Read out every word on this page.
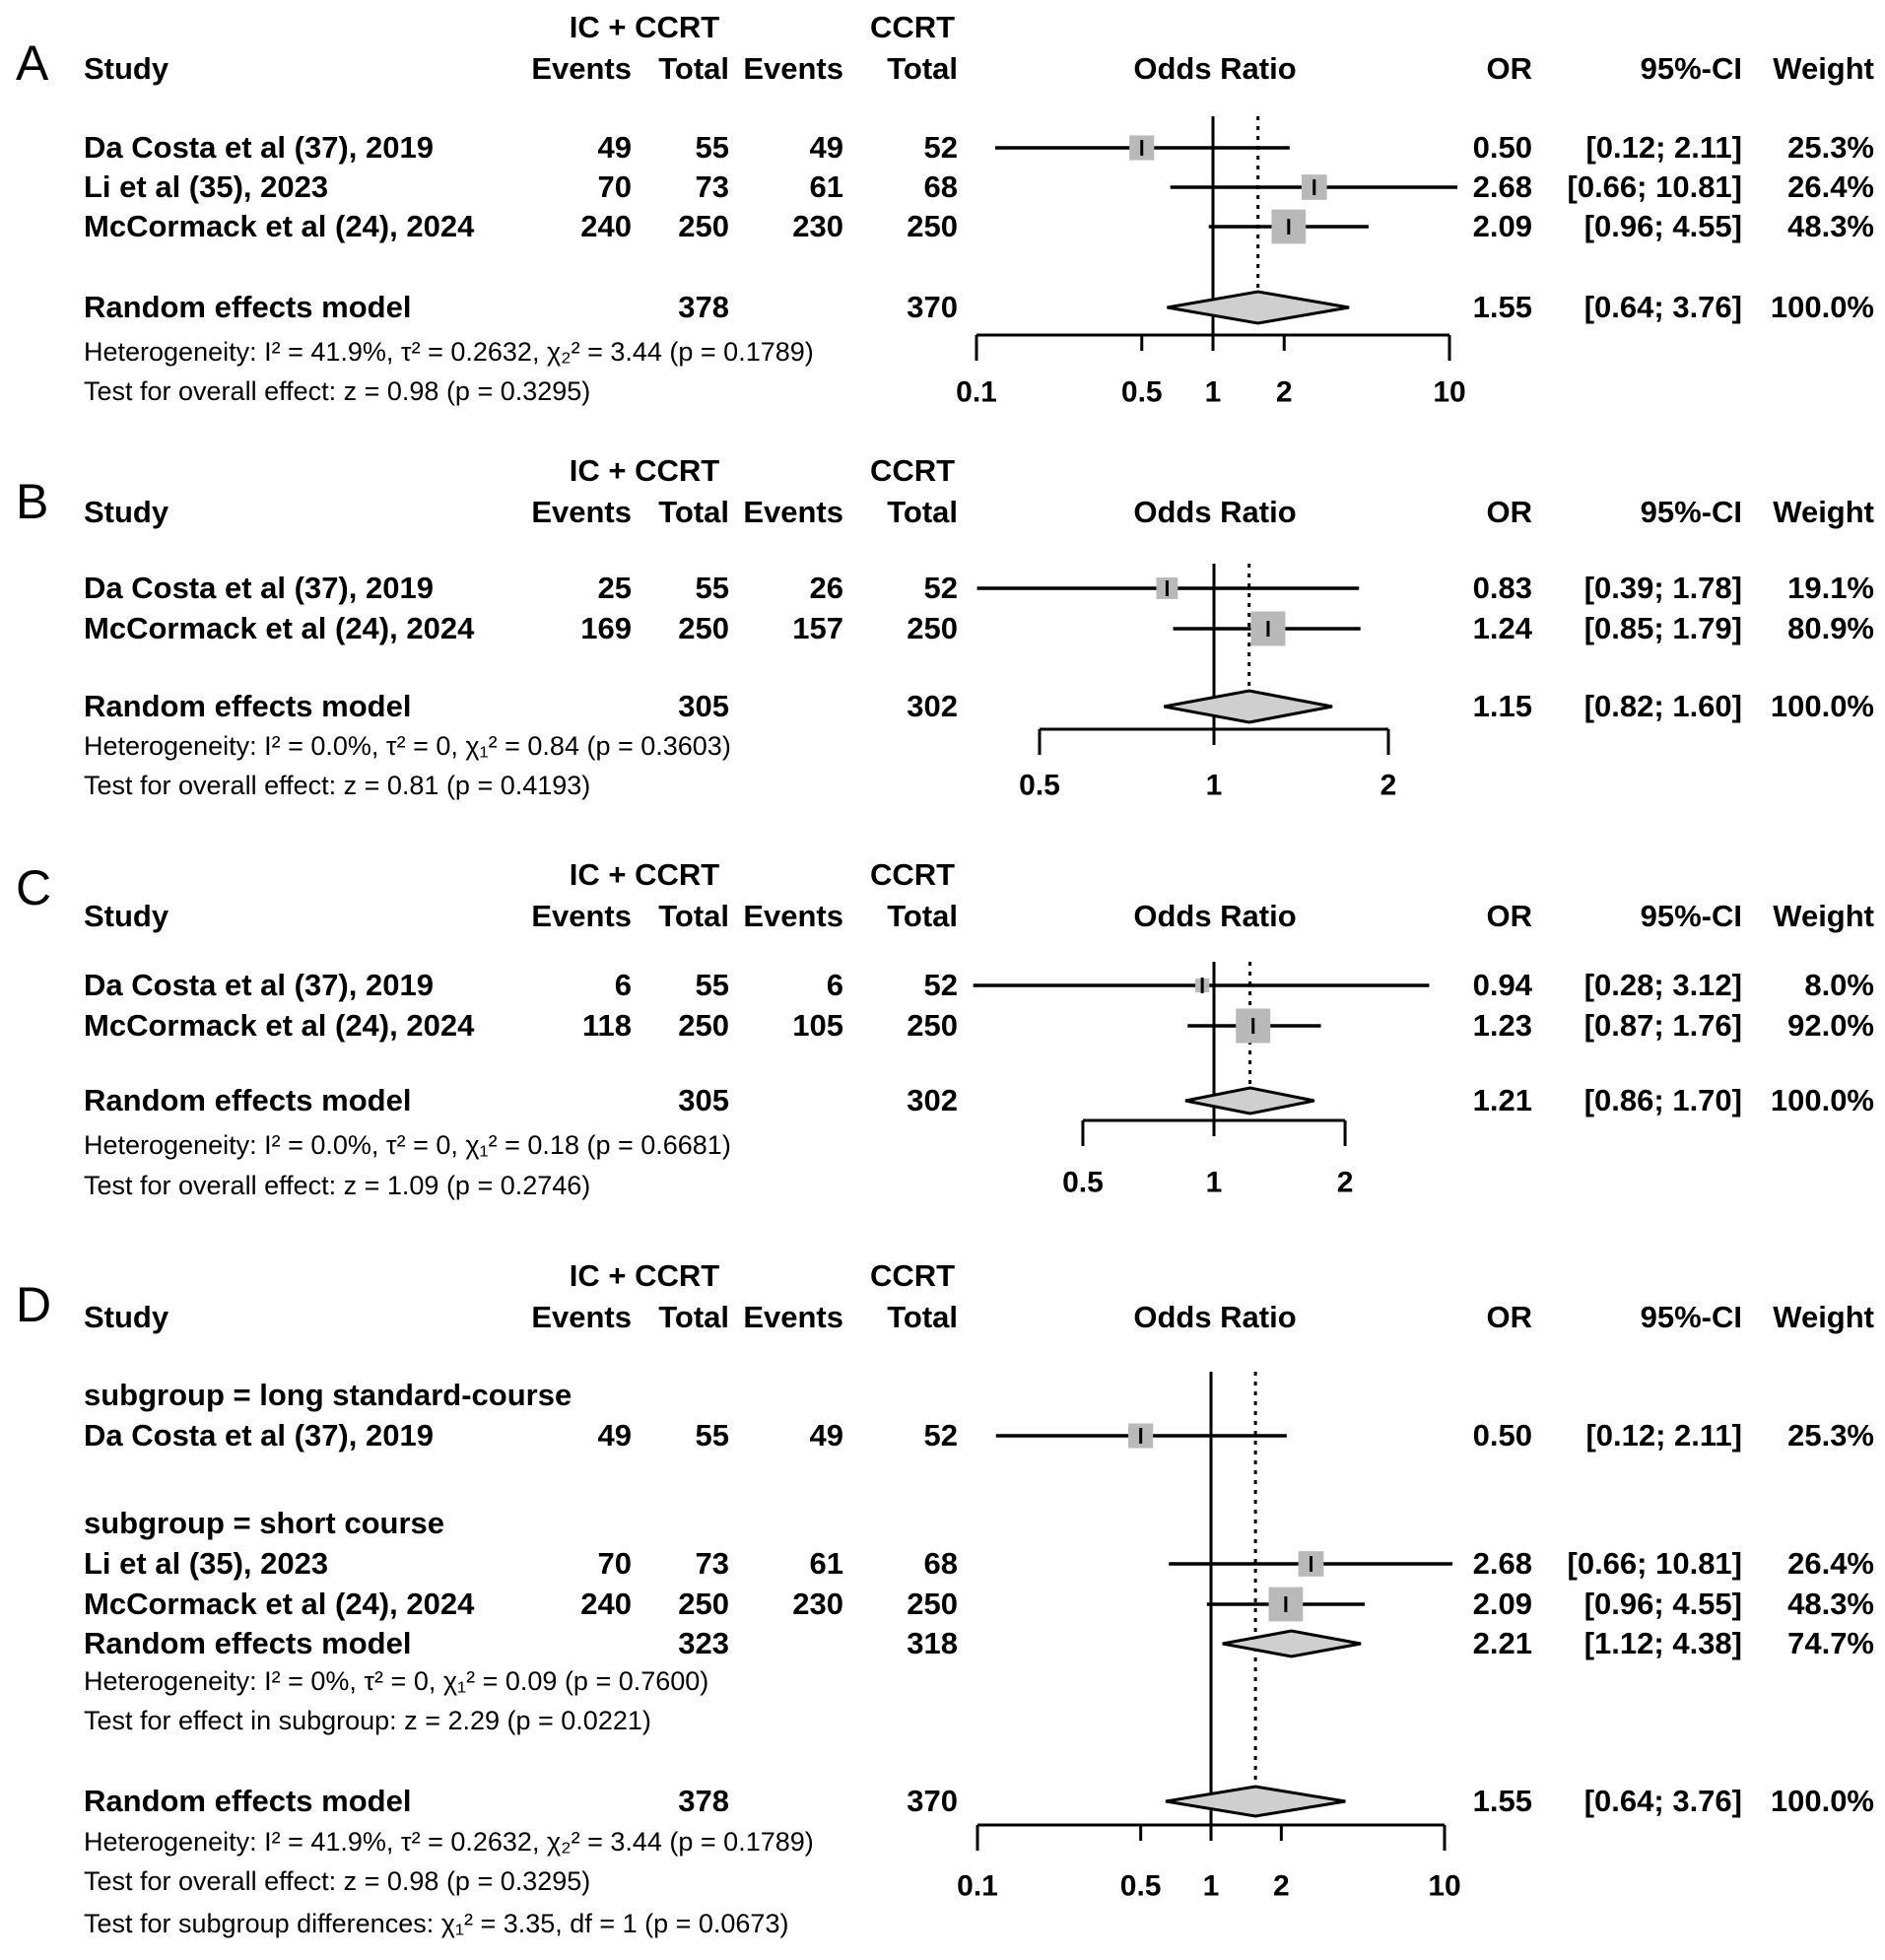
A
IC + CCRT	CCRT
Study	Events Total Events Total	Odds Ratio	OR	95%-CI Weight
0.1	0.5 1 2	10
Da Costa et al (37), 2019	49 55	49	52	0.50 [0.12; 2.11] 25.3%
Li et al (35), 2023	70 73	61	68	2.68 [0.66; 10.81] 26.4%
McCormack et al (24), 2024	240 250 230 250	2.09 [0.96; 4.55] 48.3%
Random effects model	378	370	1.55 [0.64; 3.76] 100.0%
Heterogeneity: I² = 41.9%, τ² = 0.2632, χ₂² = 3.44 (p = 0.1789)
Test for overall effect: z = 0.98 (p = 0.3295)
B
IC + CCRT	CCRT
Study	Events Total Events Total	Odds Ratio	OR	95%-CI Weight
0.5	1	2
Da Costa et al (37), 2019	25 55	26	52	0.83 [0.39; 1.78] 19.1%
McCormack et al (24), 2024	169 250 157 250	1.24 [0.85; 1.79] 80.9%
Random effects model	305	302	1.15 [0.82; 1.60] 100.0%
Heterogeneity: I² = 0.0%, τ² = 0, χ₁² = 0.84 (p = 0.3603)
Test for overall effect: z = 0.81 (p = 0.4193)
C	IC + CCRT	CCRT
Study	Events Total Events Total	Odds Ratio	OR	95%-CI Weight
0.5	1	2
Da Costa et al (37), 2019	6 55	6	52	0.94 [0.28; 3.12] 8.0%
McCormack et al (24), 2024	118 250 105 250	1.23 [0.87; 1.76] 92.0%
Random effects model	305	302	1.21 [0.86; 1.70] 100.0%
Heterogeneity: I² = 0.0%, τ² = 0, χ₁² = 0.18 (p = 0.6681)
Test for overall effect: z = 1.09 (p = 0.2746)
D
IC + CCRT	CCRT
Study	Events Total Events Total	Odds Ratio	OR	95%-CI Weight
0.1	0.5 1 2	10
subgroup = long standard-course
Da Costa et al (37), 2019	49 55	49	52	0.50 [0.12; 2.11] 25.3%
subgroup = short course
Li et al (35), 2023	70 73	61	68	2.68 [0.66; 10.81] 26.4%
McCormack et al (24), 2024	240 250 230 250	2.09 [0.96; 4.55] 48.3%
Random effects model	323	318	2.21 [1.12; 4.38] 74.7%
Heterogeneity: I² = 0%, τ² = 0, χ₁² = 0.09 (p = 0.7600)
Test for effect in subgroup: z = 2.29 (p = 0.0221)
Random effects model	378	370	1.55 [0.64; 3.76] 100.0%
Heterogeneity: I² = 41.9%, τ² = 0.2632, χ₂² = 3.44 (p = 0.1789)
Test for overall effect: z = 0.98 (p = 0.3295)
Test for subgroup differences: χ₁² = 3.35, df = 1 (p = 0.0673)
